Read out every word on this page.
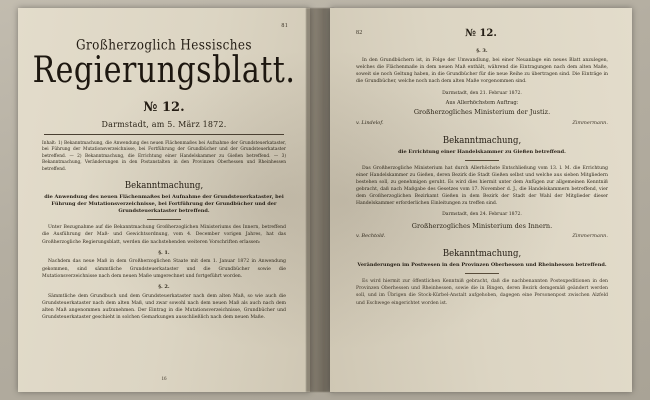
81
Großherzoglich Hessisches
Regierungsblatt.
№ 12.
Darmstadt, am 5. März 1872.
Inhalt: 1) Bekanntmachung, die Anwendung des neuen Flächenmaßes bei Aufnahme der Grundsteuerkataster, bei Führung der Mutationsverzeichnisse, bei Fortführung der Grundbücher und der Grundsteuerkataster betreffend. — 2) Bekanntmachung, die Errichtung einer Handelskammer zu Gießen betreffend. — 3) Bekanntmachung, Veränderungen in den Postanstalten in den Provinzen Oberhessen und Rheinhessen betreffend.
Bekanntmachung,
die Anwendung des neuen Flächenmaßes bei Aufnahme der Grundsteuerkataster, bei Führung der Mutationsverzeichnisse, bei Fortführung der Grundbücher und der Grundsteuerkataster betreffend.
Unter Bezugnahme auf die Bekanntmachung Großherzoglichen Ministeriums des Innern, betreffend die Ausführung der Maß- und Gewichtsordnung, vom 4. December vorigen Jahres, hat das Großherzogliche Regierungsblatt, werden die nachstehenden weiteren Vorschriften erlassen:
§. 1.
Nachdem das neue Maß in dem Großherzoglichen Staate mit dem 1. Januar 1872 in Anwendung gekommen, sind sämmtliche Grundsteuerkataster und die Grundbücher sowie die Mutationsverzeichnisse nach dem neuen Maße umgerechnet und fortgeführt worden.
§. 2.
Sämmtliche dem Grundbuch und dem Grundsteuerkataster nach dem alten Maß, so wie auch die Grundsteuerkataster nach dem alten Maß, und zwar sowohl nach dem neuen Maß als auch nach dem alten Maß angenommen aufzunehmen. Der Eintrag in die Mutationsverzeichnisse, Grundbücher und Grundsteuerkataster geschieht in solchen Gemarkungen ausschließlich nach dem neuen Maße.
16
82	№ 12.
§. 3.
In den Grundbüchern ist, in Folge der Umwandlung, bei einer Neuanlage ein neues Blatt anzulegen, welches die Flächenmaße in dem neuen Maß enthält, während die Eintragungen nach dem alten Maße, soweit sie noch Geltung haben, in die Grundbücher für die neue Reihe zu übertragen sind. Die Einträge in die Grundbücher, welche noch nach dem alten Maße vorgenommen sind.
Darmstadt, den 21. Februar 1872.
Aus Allerhöchstem Auftrag:
Großherzogliches Ministerium der Justiz.
v. Lindelof.	Zimmermann.
Bekanntmachung,
die Errichtung einer Handelskammer zu Gießen betreffend.
Das Großherzogliche Ministerium hat durch Allerhöchste Entschließung vom 13. l. M. die Errichtung einer Handelskammer zu Gießen, deren Bezirk die Stadt Gießen selbst und welche aus sieben Mitgliedern bestehen soll, zu genehmigen geruht. Es wird dies hiermit unter dem Anfügen zur allgemeinen Kenntniß gebracht, daß nach Maßgabe des Gesetzes vom 17. November d. J., die Handelskammern betreffend, vier dem Großherzoglichen Bezirkamt Gießen in dem Bezirk der Stadt der Wahl der Mitglieder dieser Handelskammer erforderlichen Einleitungen zu treffen sind.
Darmstadt, den 24. Februar 1872.
Großherzogliches Ministerium des Innern.
v. Bechtold.	Zimmermann.
Bekanntmachung,
Veränderungen im Postwesen in den Provinzen Oberhessen und Rheinhessen betreffend.
Es wird hiermit zur öffentlichen Kenntniß gebracht, daß die nachbenannten Postexpeditionen in den Provinzen Oberhessen und Rheinhessen, sowie die in Bingen, deren Bezirk demgemäß geändert werden soll, und im Übrigen die Stock-Kürbel-Anstalt aufgehoben, dagegen eine Personenpost zwischen Alzfeld und Eschwege eingerichtet worden ist.
